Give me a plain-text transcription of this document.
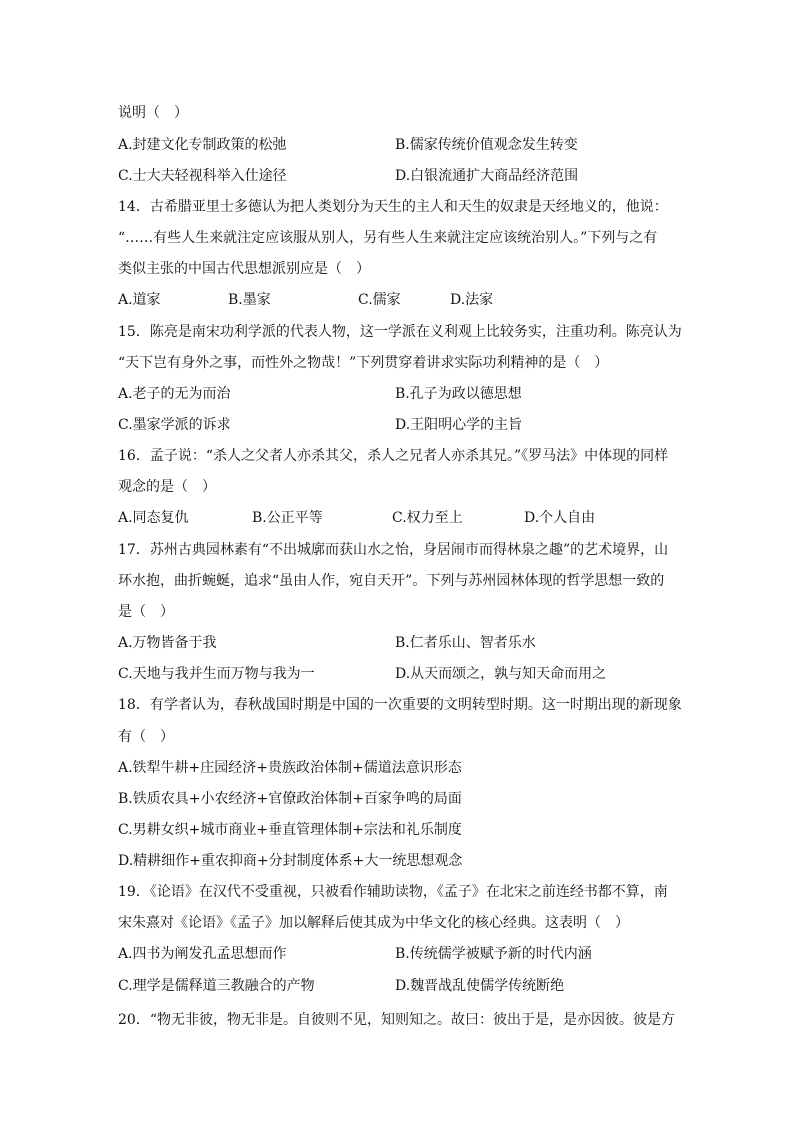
说明（　）
A.封建文化专制政策的松弛	B.儒家传统价值观念发生转变
C.士大夫轻视科举入仕途径	D.白银流通扩大商品经济范围
14．古希腊亚里士多德认为把人类划分为天生的主人和天生的奴隶是天经地义的，他说：
“……有些人生来就注定应该服从别人，另有些人生来就注定应该统治别人。”下列与之有
类似主张的中国古代思想派别应是（　）
A.道家	B.墨家	C.儒家	D.法家
15．陈亮是南宋功利学派的代表人物，这一学派在义利观上比较务实，注重功利。陈亮认为
“天下岂有身外之事，而性外之物哉！”下列贯穿着讲求实际功利精神的是（　）
A.老子的无为而治	B.孔子为政以德思想
C.墨家学派的诉求	D.王阳明心学的主旨
16．孟子说：“杀人之父者人亦杀其父，杀人之兄者人亦杀其兄。”《罗马法》中体现的同样
观念的是（　）
A.同态复仇	B.公正平等	C.权力至上	D.个人自由
17．苏州古典园林素有“不出城廓而获山水之怡，身居闹市而得林泉之趣”的艺术境界，山
环水抱，曲折蜿蜒，追求“虽由人作，宛自天开”。下列与苏州园林体现的哲学思想一致的
是（　）
A.万物皆备于我	B.仁者乐山、智者乐水
C.天地与我并生而万物与我为一	D.从天而颂之，孰与知天命而用之
18．有学者认为，春秋战国时期是中国的一次重要的文明转型时期。这一时期出现的新现象
有（　）
A.铁犁牛耕+庄园经济+贵族政治体制+儒道法意识形态
B.铁质农具+小农经济+官僚政治体制+百家争鸣的局面
C.男耕女织+城市商业+垂直管理体制+宗法和礼乐制度
D.精耕细作+重农抑商+分封制度体系+大一统思想观念
19．《论语》在汉代不受重视，只被看作辅助读物，《孟子》在北宋之前连经书都不算，南
宋朱熹对《论语》《孟子》加以解释后使其成为中华文化的核心经典。这表明（　）
A.四书为阐发孔孟思想而作	B.传统儒学被赋予新的时代内涵
C.理学是儒释道三教融合的产物	D.魏晋战乱使儒学传统断绝
20．“物无非彼，物无非是。自彼则不见，知则知之。故曰：彼出于是，是亦因彼。彼是方
